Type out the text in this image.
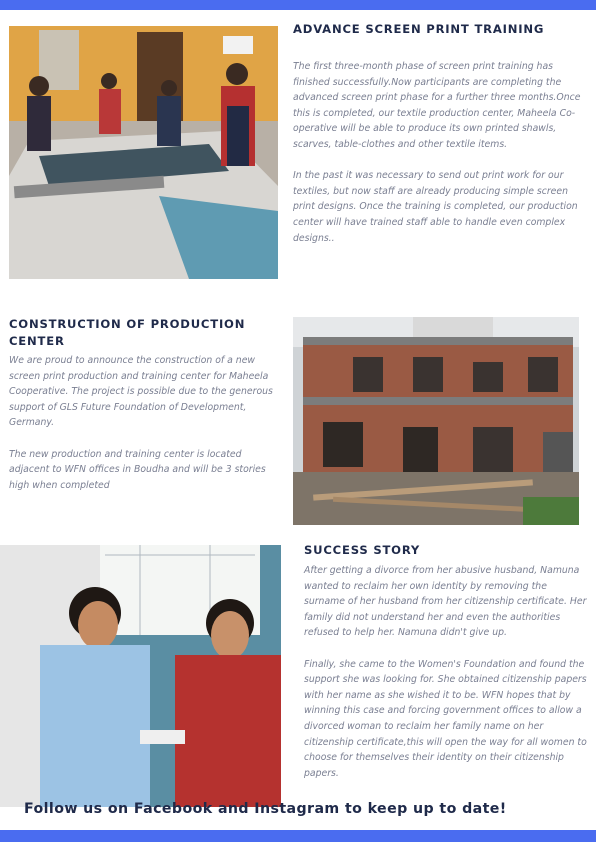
ADVANCE SCREEN PRINT TRAINING

The first three-month phase of screen print training has finished successfully.Now participants are completing the advanced screen print phase for a further three months.Once this is completed, our textile production center, Maheela Co-operative will be able to produce its own printed shawls, scarves, table-clothes and other textile items.

In the past it was necessary to send out print work for our textiles, but now staff are already producing simple screen print designs. Once the training is completed, our production center will have trained staff able to handle even complex designs..

CONSTRUCTION OF PRODUCTION CENTER

We are proud to announce the construction of a new screen print production and training center for Maheela Cooperative. The project is possible due to the generous support of GLS Future Foundation of Development, Germany.

The new production and training center is located adjacent to WFN offices in Boudha and will be 3 stories high when completed

SUCCESS STORY

After getting a divorce from her abusive husband, Namuna wanted to reclaim her own identity by removing the surname of her husband from her citizenship certificate. Her family did not understand her and even the authorities refused to help her. Namuna didn't give up.

Finally, she came to the Women's Foundation and found the support she was looking for. She obtained citizenship papers with her name as she wished it to be. WFN hopes that by winning this case and forcing government offices to allow a divorced woman to reclaim her family name on her citizenship certificate,this will open the way for all women to choose for themselves their identity on their citizenship papers.

Follow us on Facebook and Instagram to keep up to date!
